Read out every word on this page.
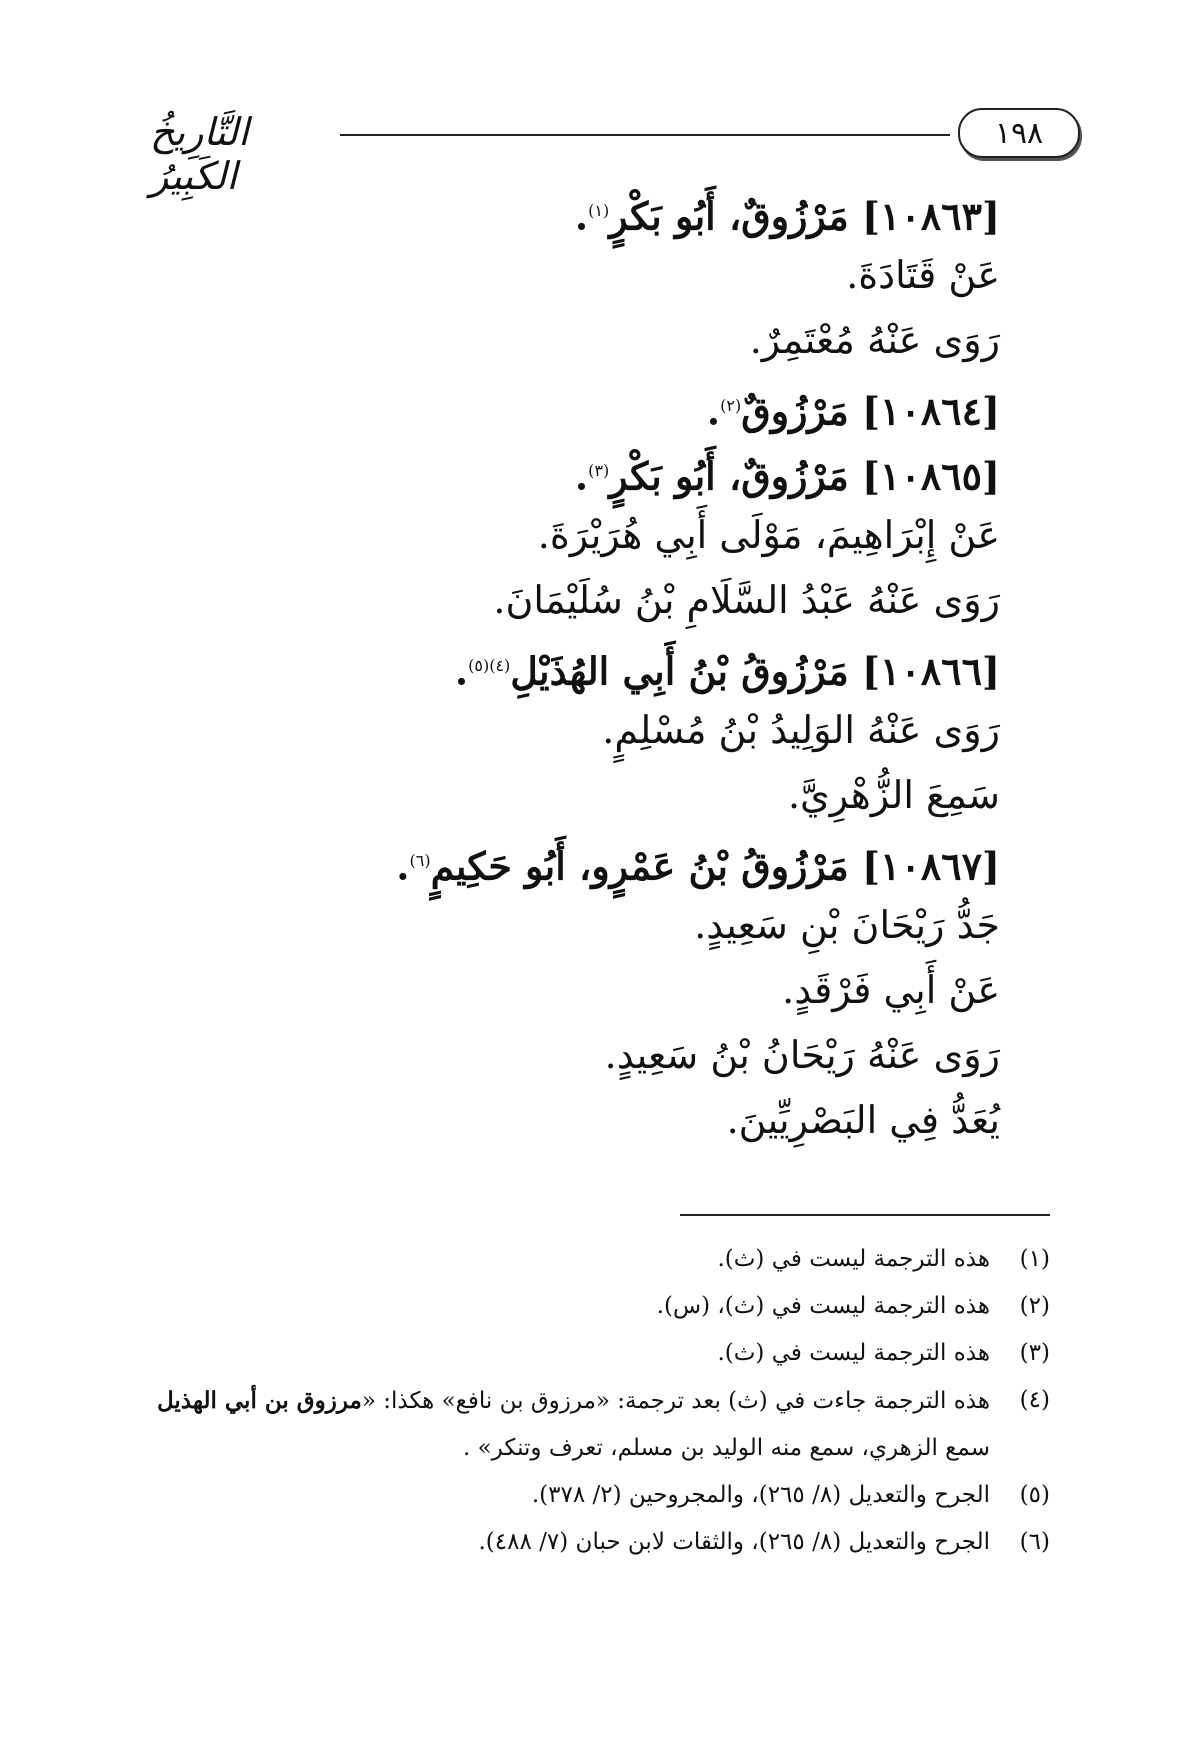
١٩٨
التَّارِيخُ الكَبِيرُ
[١٠٨٦٣] مَرْزُوقٌ، أَبُو بَكْرٍ$^{(١)}$.
عَنْ قَتَادَةَ.
رَوَى عَنْهُ مُعْتَمِرٌ.
[١٠٨٦٤] مَرْزُوقٌ$^{(٢)}$.
[١٠٨٦٥] مَرْزُوقٌ، أَبُو بَكْرٍ$^{(٣)}$.
عَنْ إِبْرَاهِيمَ، مَوْلَى أَبِي هُرَيْرَةَ.
رَوَى عَنْهُ عَبْدُ السَّلَامِ بْنُ سُلَيْمَانَ.
[١٠٨٦٦] مَرْزُوقُ بْنُ أَبِي الهُذَيْلِ$^{(٤)(٥)}$.
رَوَى عَنْهُ الوَلِيدُ بْنُ مُسْلِمٍ.
سَمِعَ الزُّهْرِيَّ.
[١٠٨٦٧] مَرْزُوقُ بْنُ عَمْرٍو، أَبُو حَكِيمٍ$^{(٦)}$.
جَدُّ رَيْحَانَ بْنِ سَعِيدٍ.
عَنْ أَبِي فَرْقَدٍ.
رَوَى عَنْهُ رَيْحَانُ بْنُ سَعِيدٍ.
يُعَدُّ فِي البَصْرِيِّينَ.
(١)
هذه الترجمة ليست في (ث).
(٢)
هذه الترجمة ليست في (ث)، (س).
(٣)
هذه الترجمة ليست في (ث).
(٤)
هذه الترجمة جاءت في (ث) بعد ترجمة: «مرزوق بن نافع» هكذا: «مرزوق بن أبي الهذيل
سمع الزهري، سمع منه الوليد بن مسلم، تعرف وتنكر» .
(٥)
الجرح والتعديل (٨/ ٢٦٥)، والمجروحين (٢/ ٣٧٨).
(٦)
الجرح والتعديل (٨/ ٢٦٥)، والثقات لابن حبان (٧/ ٤٨٨).
